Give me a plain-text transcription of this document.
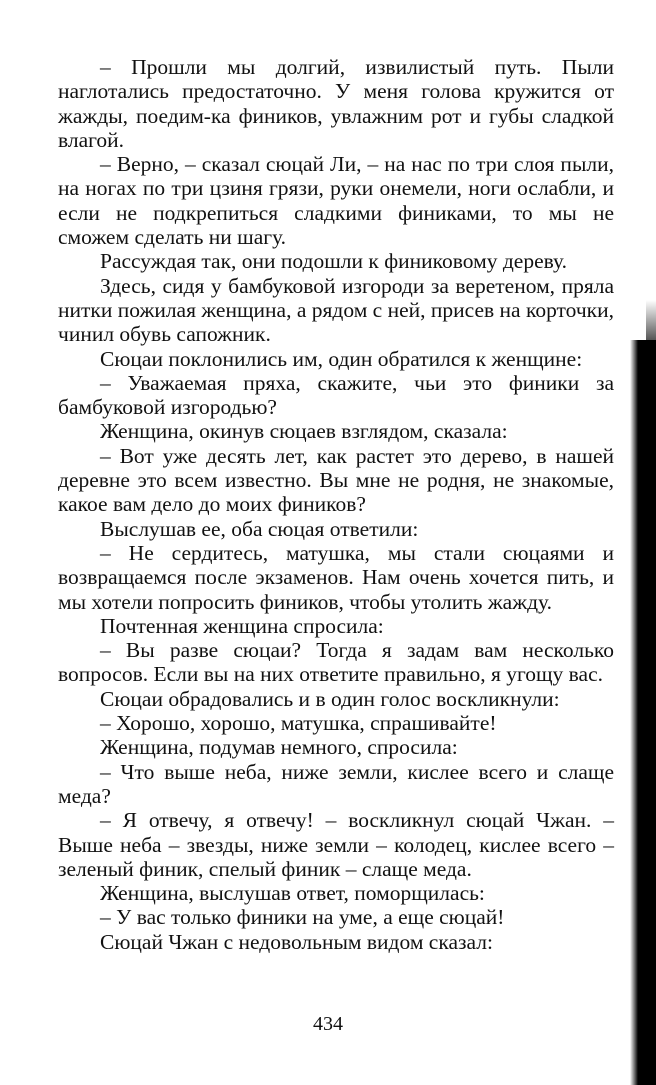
– Прошли мы долгий, извилистый путь. Пыли наглотались предостаточно. У меня голова кружится от жажды, поедим-ка фиников, увлажним рот и губы сладкой влагой.

– Верно, – сказал сюцай Ли, – на нас по три слоя пыли, на ногах по три цзиня грязи, руки онемели, ноги ослабли, и если не подкрепиться сладкими финиками, то мы не сможем сделать ни шагу.

Рассуждая так, они подошли к финиковому дереву.

Здесь, сидя у бамбуковой изгороди за веретеном, пряла нитки пожилая женщина, а рядом с ней, присев на корточки, чинил обувь сапожник.

Сюцаи поклонились им, один обратился к женщине:

– Уважаемая пряха, скажите, чьи это финики за бамбуковой изгородью?

Женщина, окинув сюцаев взглядом, сказала:

– Вот уже десять лет, как растет это дерево, в нашей деревне это всем известно. Вы мне не родня, не знакомые, какое вам дело до моих фиников?

Выслушав ее, оба сюцая ответили:

– Не сердитесь, матушка, мы стали сюцаями и возвращаемся после экзаменов. Нам очень хочется пить, и мы хотели попросить фиников, чтобы утолить жажду.

Почтенная женщина спросила:

– Вы разве сюцаи? Тогда я задам вам несколько вопросов. Если вы на них ответите правильно, я угощу вас.

Сюцаи обрадовались и в один голос воскликнули:

– Хорошо, хорошо, матушка, спрашивайте!

Женщина, подумав немного, спросила:

– Что выше неба, ниже земли, кислее всего и слаще меда?

– Я отвечу, я отвечу! – воскликнул сюцай Чжан. – Выше неба – звезды, ниже земли – колодец, кислее всего – зеленый финик, спелый финик – слаще меда.

Женщина, выслушав ответ, поморщилась:

– У вас только финики на уме, а еще сюцай!

Сюцай Чжан с недовольным видом сказал:

434
